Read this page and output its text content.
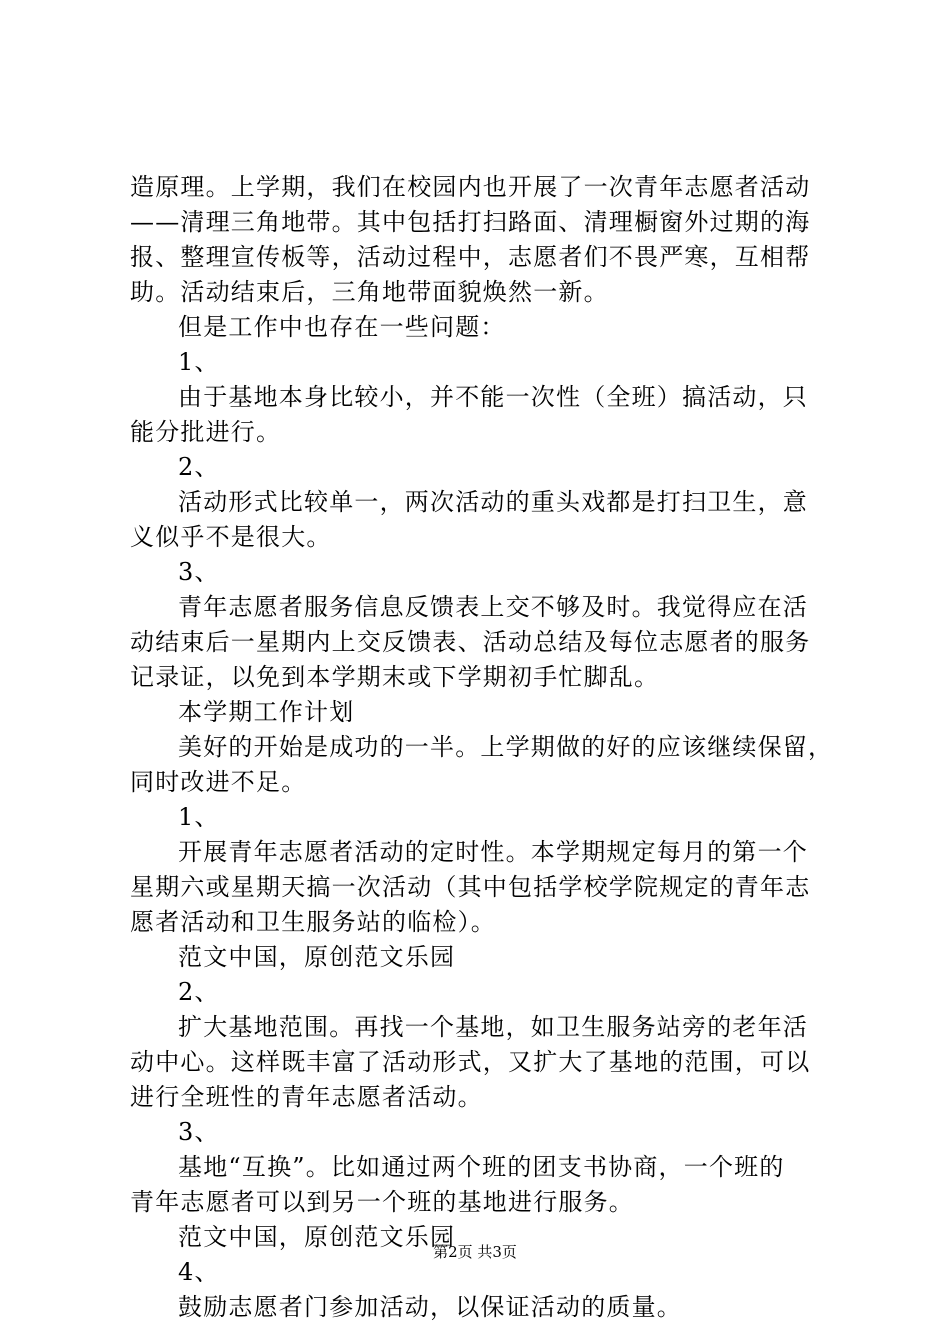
造原理。上学期，我们在校园内也开展了一次青年志愿者活动
——清理三角地带。其中包括打扫路面、清理橱窗外过期的海
报、整理宣传板等，活动过程中，志愿者们不畏严寒，互相帮
助。活动结束后，三角地带面貌焕然一新。
但是工作中也存在一些问题：
1、
由于基地本身比较小，并不能一次性（全班）搞活动，只
能分批进行。
2、
活动形式比较单一，两次活动的重头戏都是打扫卫生，意
义似乎不是很大。
3、
青年志愿者服务信息反馈表上交不够及时。我觉得应在活
动结束后一星期内上交反馈表、活动总结及每位志愿者的服务
记录证，以免到本学期末或下学期初手忙脚乱。
本学期工作计划
美好的开始是成功的一半。上学期做的好的应该继续保留，
同时改进不足。
1、
开展青年志愿者活动的定时性。本学期规定每月的第一个
星期六或星期天搞一次活动（其中包括学校学院规定的青年志
愿者活动和卫生服务站的临检）。
范文中国，原创范文乐园
2、
扩大基地范围。再找一个基地，如卫生服务站旁的老年活
动中心。这样既丰富了活动形式，又扩大了基地的范围，可以
进行全班性的青年志愿者活动。
3、
基地“互换”。比如通过两个班的团支书协商，一个班的
青年志愿者可以到另一个班的基地进行服务。
范文中国，原创范文乐园
4、
鼓励志愿者门参加活动，以保证活动的质量。
第2页 共3页
